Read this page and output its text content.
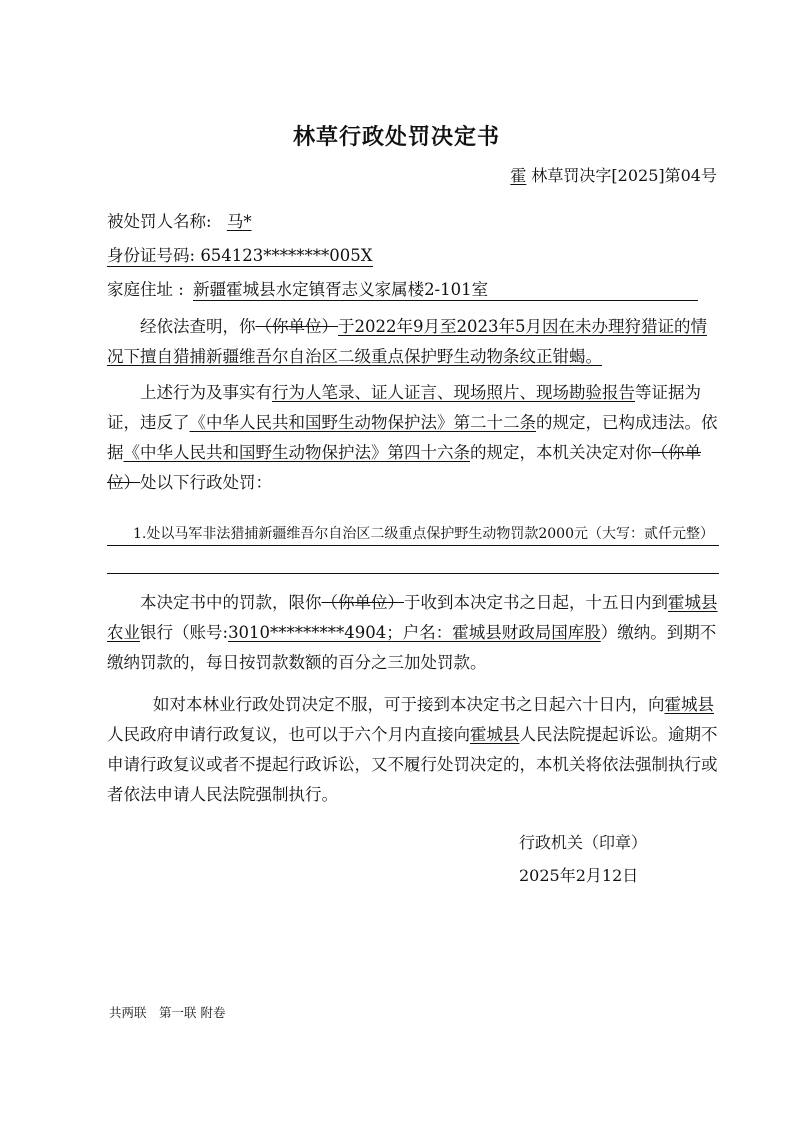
林草行政处罚决定书
霍 林草罚决字[2025]第04号
被处罚人名称: 马*
身份证号码: 654123********005X
家庭住址 : 新疆霍城县水定镇胥志义家属楼2-101室
经依法查明，你（你单位）于2022年9月至2023年5月因在未办理狩猎证的情况下擅自猎捕新疆维吾尔自治区二级重点保护野生动物条纹正钳蝎。
上述行为及事实有行为人笔录、证人证言、现场照片、现场勘验报告等证据为证，违反了《中华人民共和国野生动物保护法》第二十二条的规定，已构成违法。依据《中华人民共和国野生动物保护法》第四十六条的规定，本机关决定对你（你单位）处以下行政处罚：
1.处以马军非法猎捕新疆维吾尔自治区二级重点保护野生动物罚款2000元（大写：贰仟元整）
本决定书中的罚款，限你（你单位）于收到本决定书之日起，十五日内到霍城县农业银行（账号:3010*********4904；户名：霍城县财政局国库股）缴纳。到期不缴纳罚款的，每日按罚款数额的百分之三加处罚款。
如对本林业行政处罚决定不服，可于接到本决定书之日起六十日内，向霍城县人民政府申请行政复议，也可以于六个月内直接向霍城县人民法院提起诉讼。逾期不申请行政复议或者不提起行政诉讼，又不履行处罚决定的，本机关将依法强制执行或者依法申请人民法院强制执行。
行政机关（印章）
2025年2月12日
共两联　第一联 附卷
